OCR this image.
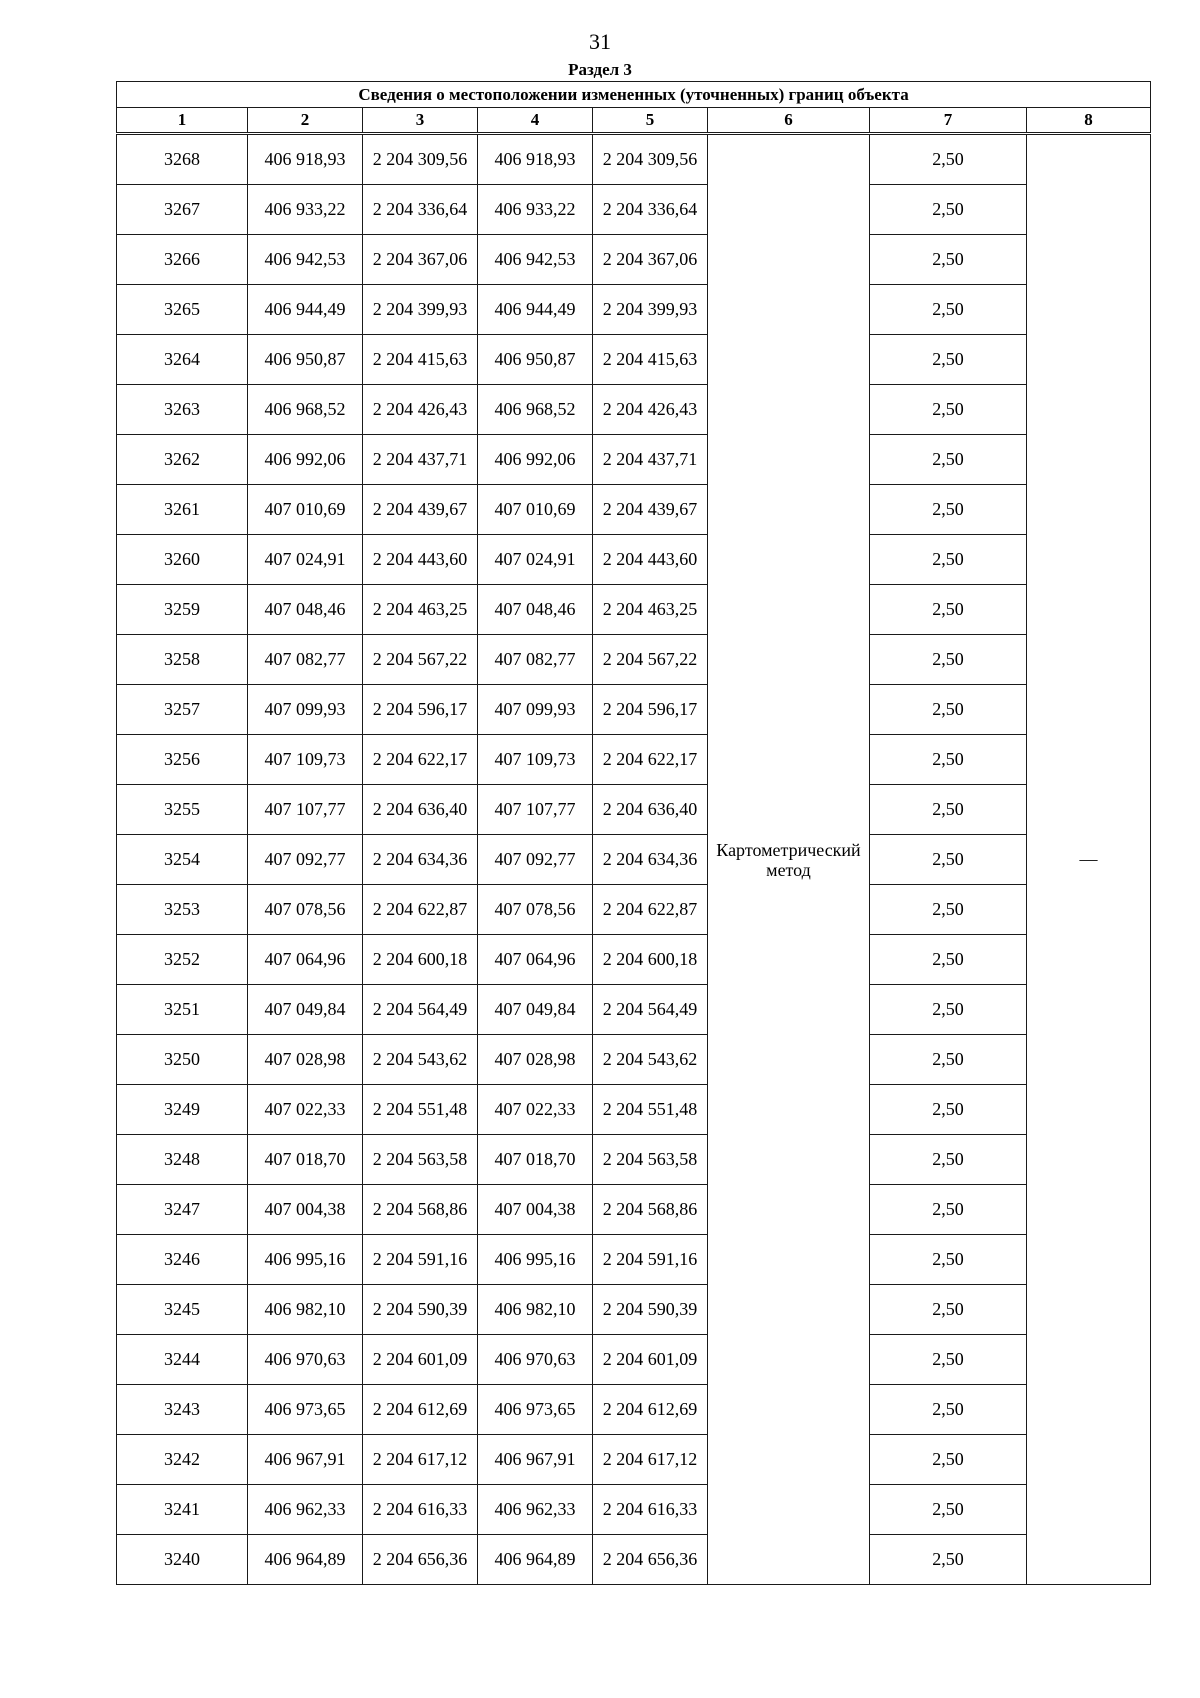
31
Раздел 3
Сведения о местоположении измененных (уточненных) границ объекта							
1	2	3	4	5	6	7	8
3268	406 918,93	2 204 309,56	406 918,93	2 204 309,56	Картометрический метод	2,50	—
3267	406 933,22	2 204 336,64	406 933,22	2 204 336,64		2,50	
3266	406 942,53	2 204 367,06	406 942,53	2 204 367,06		2,50	
3265	406 944,49	2 204 399,93	406 944,49	2 204 399,93		2,50	
3264	406 950,87	2 204 415,63	406 950,87	2 204 415,63		2,50	
3263	406 968,52	2 204 426,43	406 968,52	2 204 426,43		2,50	
3262	406 992,06	2 204 437,71	406 992,06	2 204 437,71		2,50	
3261	407 010,69	2 204 439,67	407 010,69	2 204 439,67		2,50	
3260	407 024,91	2 204 443,60	407 024,91	2 204 443,60		2,50	
3259	407 048,46	2 204 463,25	407 048,46	2 204 463,25		2,50	
3258	407 082,77	2 204 567,22	407 082,77	2 204 567,22		2,50	
3257	407 099,93	2 204 596,17	407 099,93	2 204 596,17		2,50	
3256	407 109,73	2 204 622,17	407 109,73	2 204 622,17		2,50	
3255	407 107,77	2 204 636,40	407 107,77	2 204 636,40		2,50	
3254	407 092,77	2 204 634,36	407 092,77	2 204 634,36		2,50	
3253	407 078,56	2 204 622,87	407 078,56	2 204 622,87		2,50	
3252	407 064,96	2 204 600,18	407 064,96	2 204 600,18		2,50	
3251	407 049,84	2 204 564,49	407 049,84	2 204 564,49		2,50	
3250	407 028,98	2 204 543,62	407 028,98	2 204 543,62		2,50	
3249	407 022,33	2 204 551,48	407 022,33	2 204 551,48		2,50	
3248	407 018,70	2 204 563,58	407 018,70	2 204 563,58		2,50	
3247	407 004,38	2 204 568,86	407 004,38	2 204 568,86		2,50	
3246	406 995,16	2 204 591,16	406 995,16	2 204 591,16		2,50	
3245	406 982,10	2 204 590,39	406 982,10	2 204 590,39		2,50	
3244	406 970,63	2 204 601,09	406 970,63	2 204 601,09		2,50	
3243	406 973,65	2 204 612,69	406 973,65	2 204 612,69		2,50	
3242	406 967,91	2 204 617,12	406 967,91	2 204 617,12		2,50	
3241	406 962,33	2 204 616,33	406 962,33	2 204 616,33		2,50	
3240	406 964,89	2 204 656,36	406 964,89	2 204 656,36		2,50	
